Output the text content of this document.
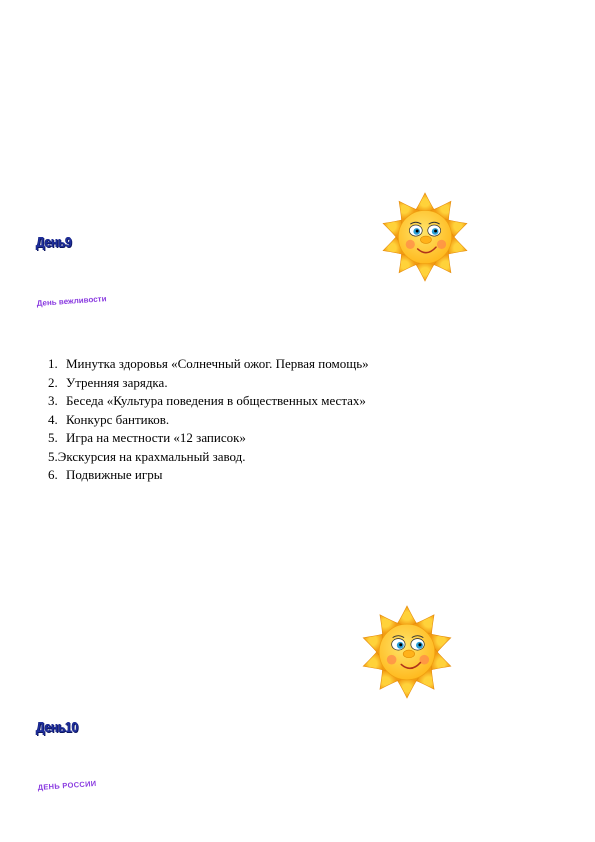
День9
День вежливости
1. Минутка здоровья «Солнечный ожог. Первая помощь»
2. Утренняя зарядка.
3. Беседа «Культура поведения в общественных местах»
4. Конкурс бантиков.
5. Игра на местности «12 записок»
5.Экскурсия на крахмальный завод.
6. Подвижные игры
День10
ДЕНЬ РОССИИ
